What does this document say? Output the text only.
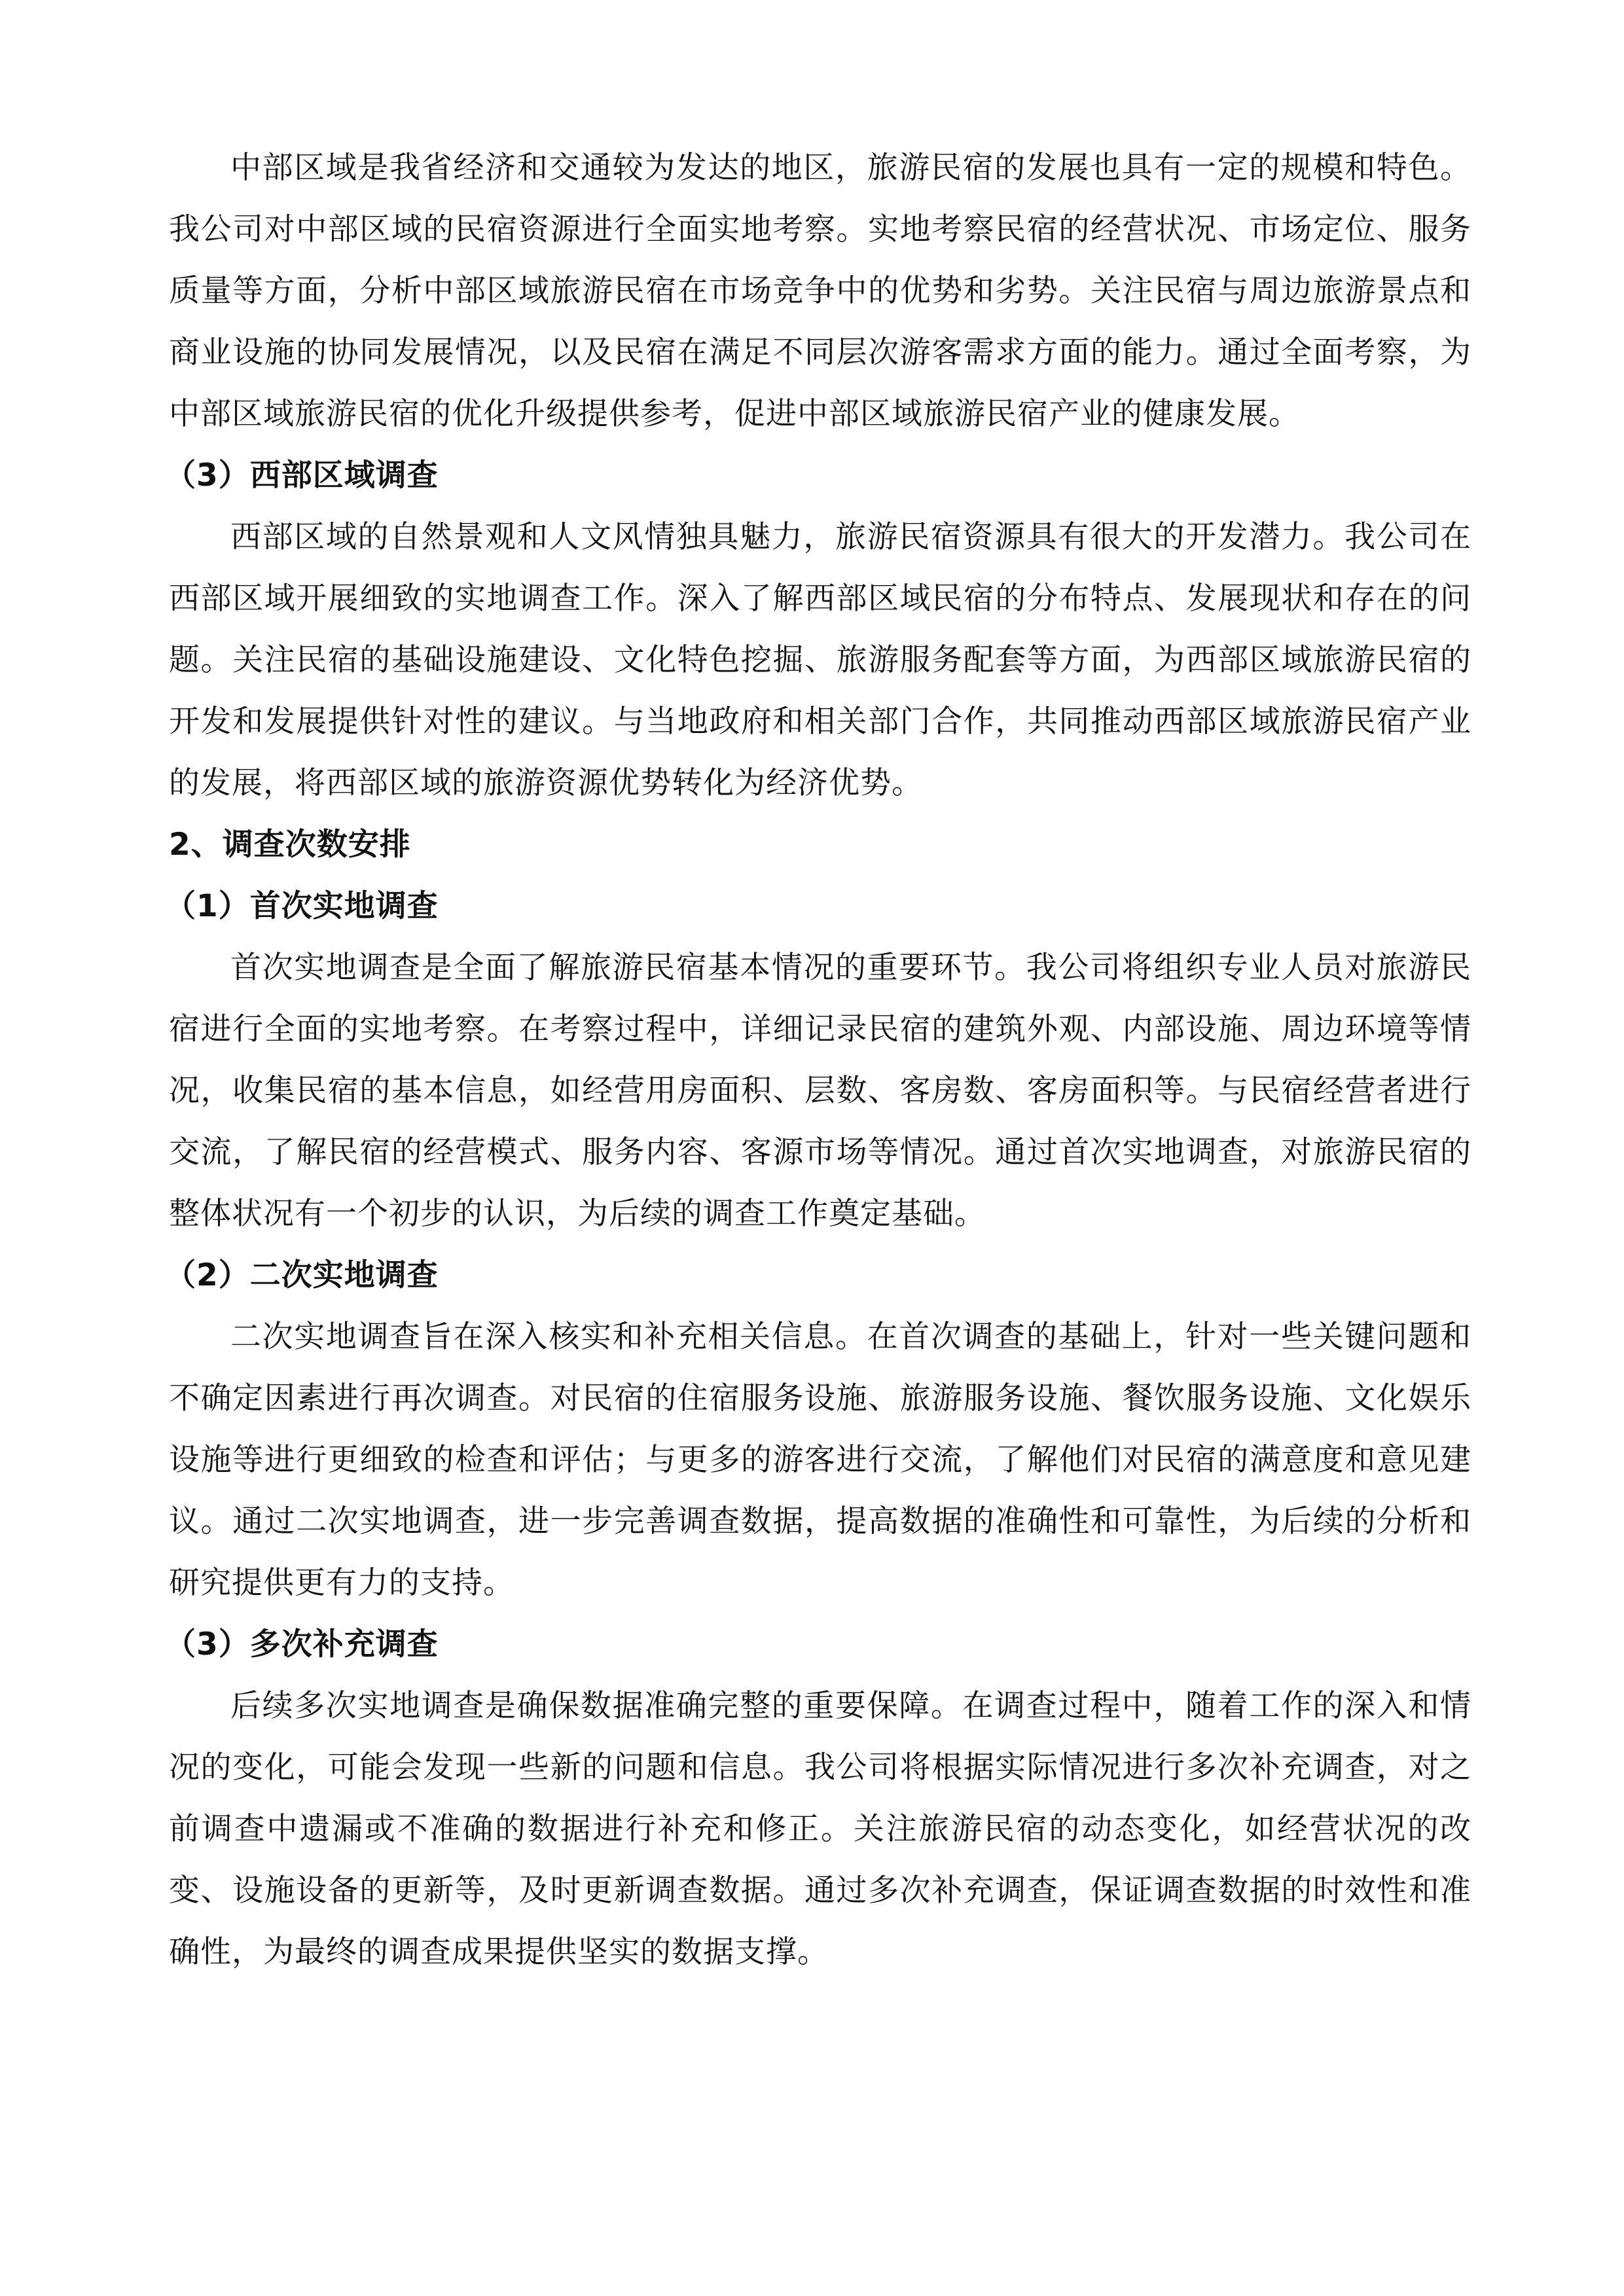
中部区域是我省经济和交通较为发达的地区，旅游民宿的发展也具有一定的规模和特色。我公司对中部区域的民宿资源进行全面实地考察。实地考察民宿的经营状况、市场定位、服务质量等方面，分析中部区域旅游民宿在市场竞争中的优势和劣势。关注民宿与周边旅游景点和商业设施的协同发展情况，以及民宿在满足不同层次游客需求方面的能力。通过全面考察，为中部区域旅游民宿的优化升级提供参考，促进中部区域旅游民宿产业的健康发展。

（3）西部区域调查

西部区域的自然景观和人文风情独具魅力，旅游民宿资源具有很大的开发潜力。我公司在西部区域开展细致的实地调查工作。深入了解西部区域民宿的分布特点、发展现状和存在的问题。关注民宿的基础设施建设、文化特色挖掘、旅游服务配套等方面，为西部区域旅游民宿的开发和发展提供针对性的建议。与当地政府和相关部门合作，共同推动西部区域旅游民宿产业的发展，将西部区域的旅游资源优势转化为经济优势。

2、调查次数安排

（1）首次实地调查

首次实地调查是全面了解旅游民宿基本情况的重要环节。我公司将组织专业人员对旅游民宿进行全面的实地考察。在考察过程中，详细记录民宿的建筑外观、内部设施、周边环境等情况，收集民宿的基本信息，如经营用房面积、层数、客房数、客房面积等。与民宿经营者进行交流，了解民宿的经营模式、服务内容、客源市场等情况。通过首次实地调查，对旅游民宿的整体状况有一个初步的认识，为后续的调查工作奠定基础。

（2）二次实地调查

二次实地调查旨在深入核实和补充相关信息。在首次调查的基础上，针对一些关键问题和不确定因素进行再次调查。对民宿的住宿服务设施、旅游服务设施、餐饮服务设施、文化娱乐设施等进行更细致的检查和评估；与更多的游客进行交流，了解他们对民宿的满意度和意见建议。通过二次实地调查，进一步完善调查数据，提高数据的准确性和可靠性，为后续的分析和研究提供更有力的支持。

（3）多次补充调查

后续多次实地调查是确保数据准确完整的重要保障。在调查过程中，随着工作的深入和情况的变化，可能会发现一些新的问题和信息。我公司将根据实际情况进行多次补充调查，对之前调查中遗漏或不准确的数据进行补充和修正。关注旅游民宿的动态变化，如经营状况的改变、设施设备的更新等，及时更新调查数据。通过多次补充调查，保证调查数据的时效性和准确性，为最终的调查成果提供坚实的数据支撑。
